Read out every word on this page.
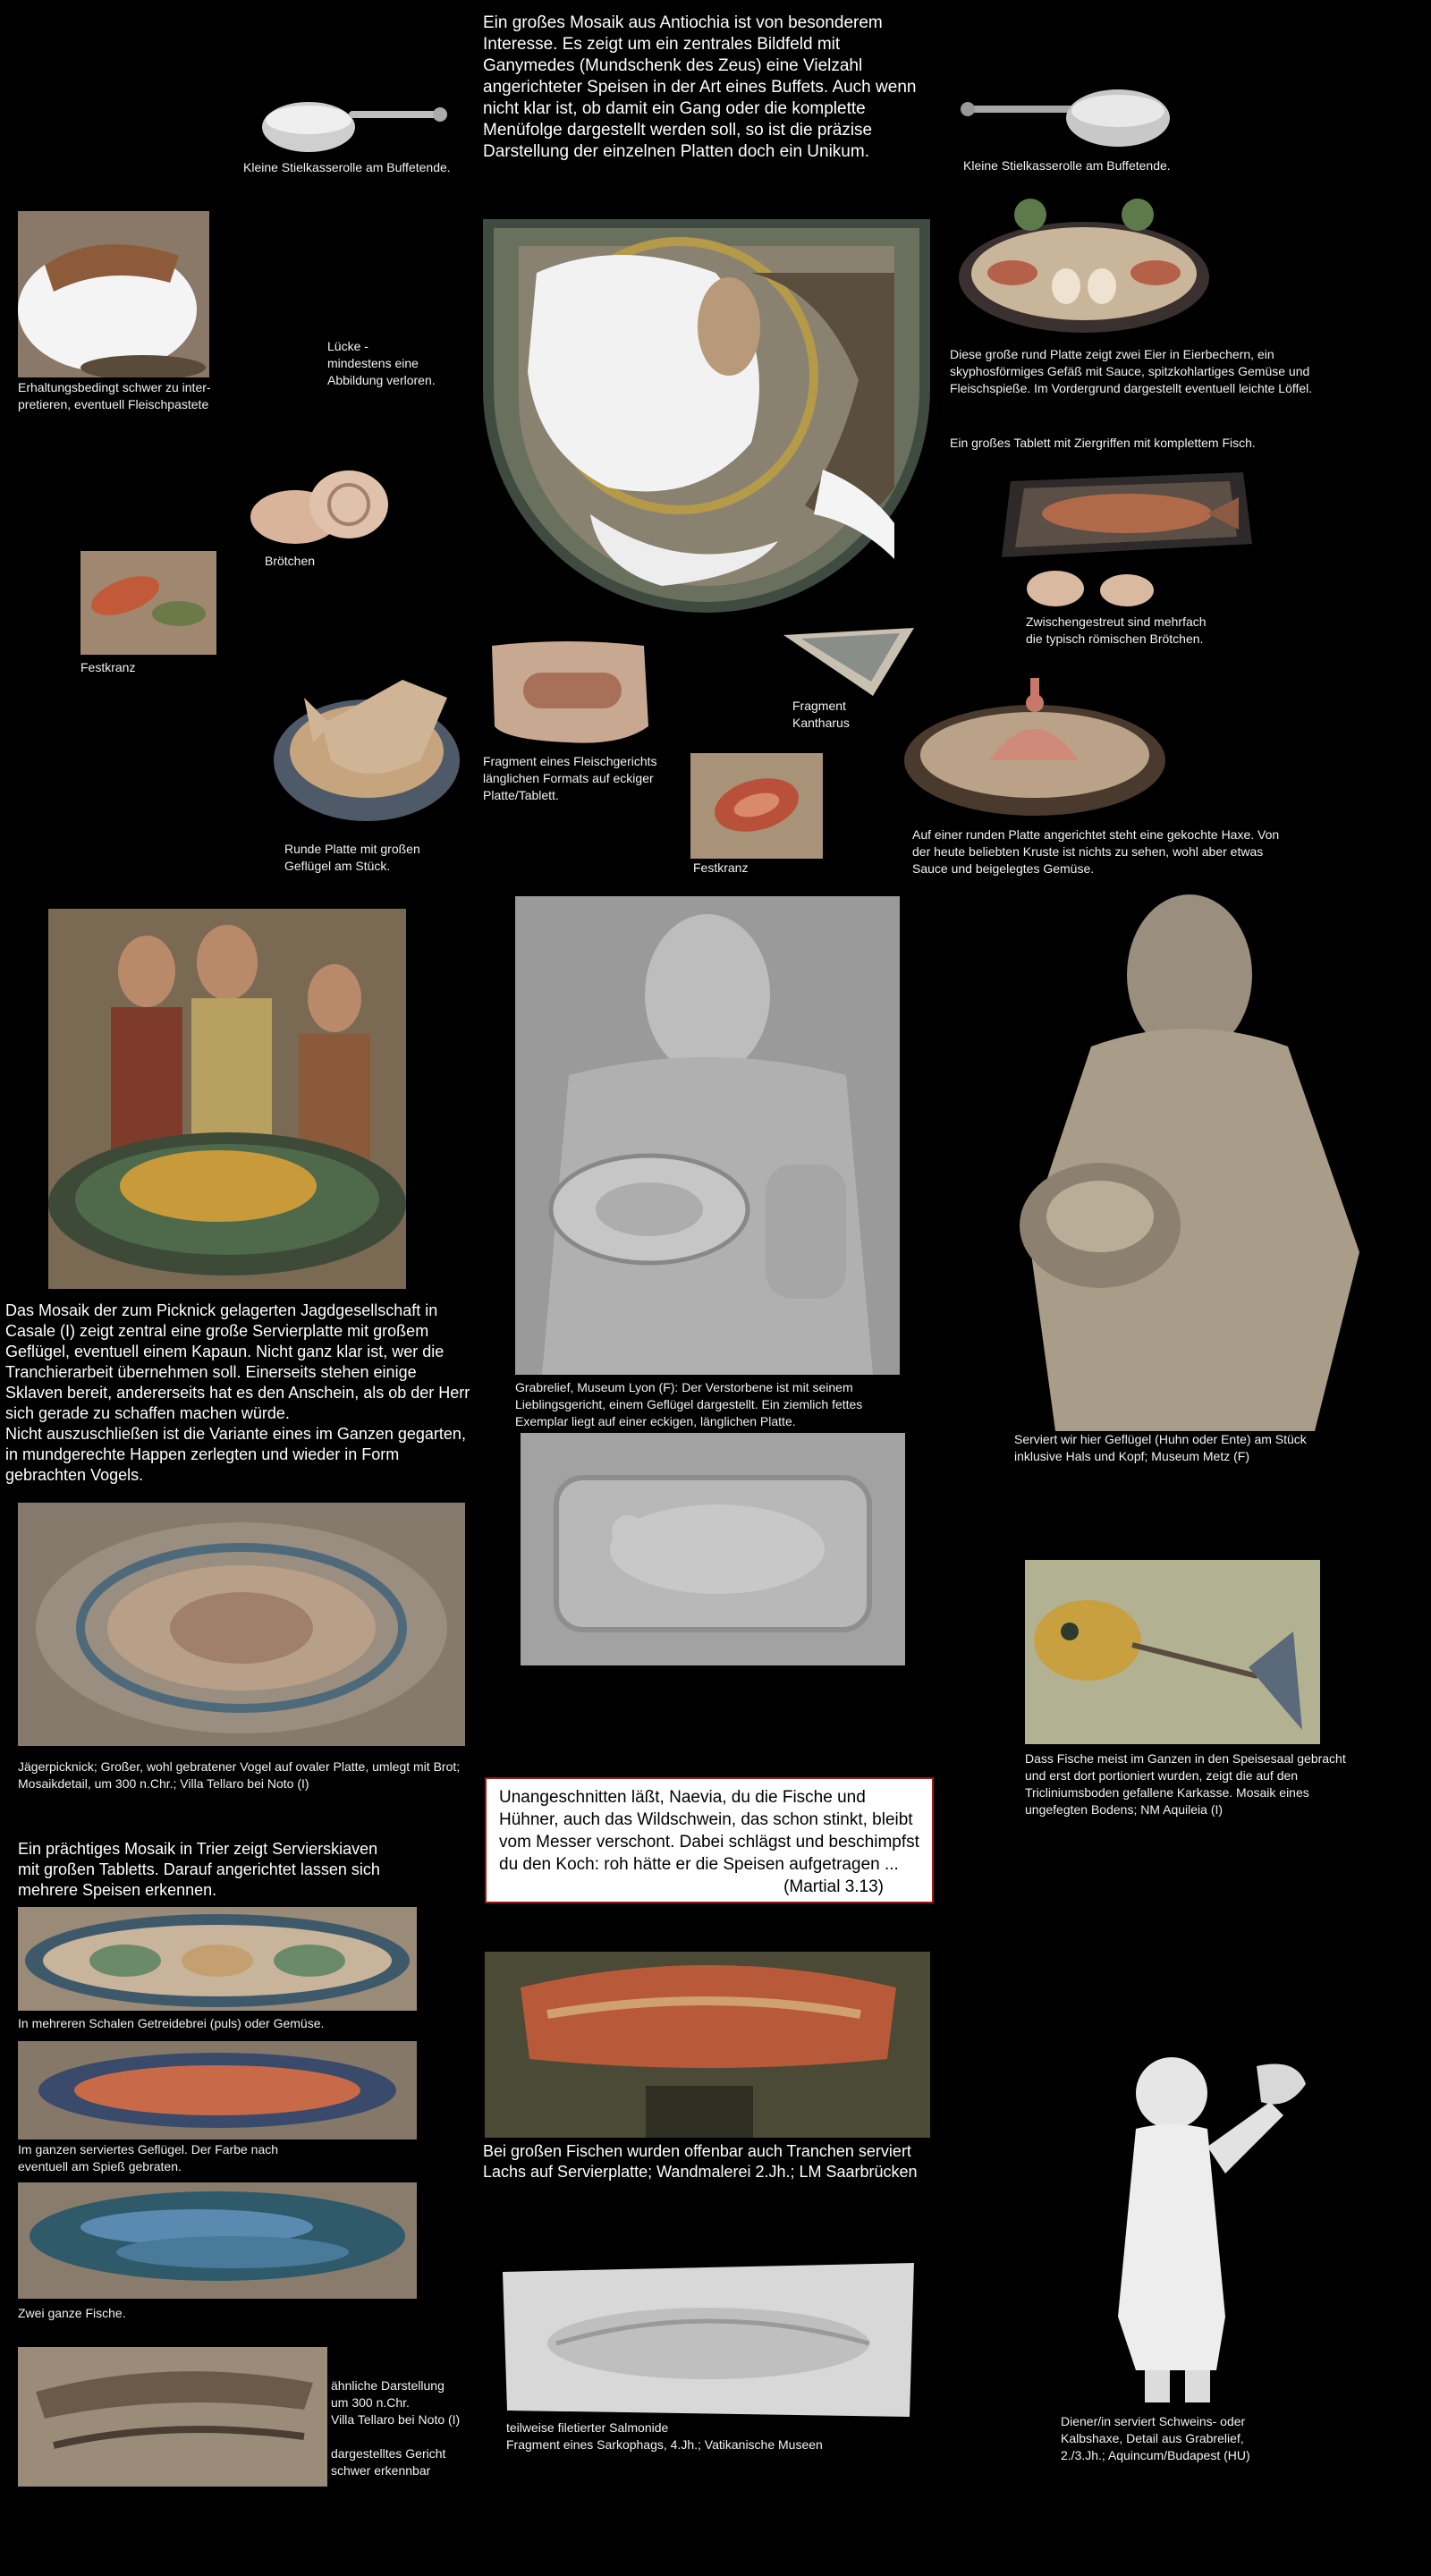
Ein großes Mosaik aus Antiochia ist von besonderem Interesse. Es zeigt um ein zentrales Bildfeld mit Ganymedes (Mundschenk des Zeus) eine Vielzahl angerichteter Speisen in der Art eines Buffets. Auch wenn nicht klar ist, ob damit ein Gang oder die komplette Menüfolge dargestellt werden soll, so ist die präzise Darstellung der einzelnen Platten doch ein Unikum.
Kleine Stielkasserolle am Buffetende.	Kleine Stielkasserolle am Buffetende.
Erhaltungsbedingt schwer zu inter-
pretieren, eventuell Fleischpastete
Lücke -
mindestens eine
Abbildung verloren.
Diese große rund Platte zeigt zwei Eier in Eierbechern, ein skyphosförmiges Gefäß mit Sauce, spitzkohlartiges Gemüse und Fleischspieße. Im Vordergrund dargestellt eventuell leichte Löffel.
Ein großes Tablett mit Ziergriffen mit komplettem Fisch.
Zwischengestreut sind mehrfach
die typisch römischen Brötchen.
Brötchen
Festkranz
Fragment eines Fleischgerichts
länglichen Formats auf eckiger
Platte/Tablett.
Fragment
Kantharus
Festkranz
Auf einer runden Platte angerichtet steht eine gekochte Haxe. Von der heute beliebten Kruste ist nichts zu sehen, wohl aber etwas Sauce und beigelegtes Gemüse.
Runde Platte mit großen
Geflügel am Stück.
Das Mosaik der zum Picknick gelagerten Jagdgesellschaft in Casale (I) zeigt zentral eine große Servierplatte mit großem Geflügel, eventuell einem Kapaun. Nicht ganz klar ist, wer die Tranchierarbeit übernehmen soll. Einerseits stehen einige Sklaven bereit, andererseits hat es den Anschein, als ob der Herr sich gerade zu schaffen machen würde.
Nicht auszuschließen ist die Variante eines im Ganzen gegarten, in mundgerechte Happen zerlegten und wieder in Form gebrachten Vogels.
Grabrelief, Museum Lyon (F): Der Verstorbene ist mit seinem Lieblingsgericht, einem Geflügel dargestellt. Ein ziemlich fettes Exemplar liegt auf einer eckigen, länglichen Platte.
Serviert wir hier Geflügel (Huhn oder Ente) am Stück
inklusive Hals und Kopf; Museum Metz (F)
Jägerpicknick; Großer, wohl gebratener Vogel auf ovaler Platte, umlegt mit Brot; Mosaikdetail, um 300 n.Chr.; Villa Tellaro bei Noto (I)
Unangeschnitten läßt, Naevia, du die Fische und Hühner, auch das Wildschwein, das schon stinkt, bleibt vom Messer verschont. Dabei schlägst und beschimpfst du den Koch: roh hätte er die Speisen aufgetragen ...
(Martial 3.13)
Dass Fische meist im Ganzen in den Speisesaal gebracht und erst dort portioniert wurden, zeigt die auf den Tricliniumsboden gefallene Karkasse. Mosaik eines ungefegten Bodens; NM Aquileia (I)
Ein prächtiges Mosaik in Trier zeigt Servierskiaven
mit großen Tabletts. Darauf angerichtet lassen sich
mehrere Speisen erkennen.
In mehreren Schalen Getreidebrei (puls) oder Gemüse.
Im ganzen serviertes Geflügel. Der Farbe nach
eventuell am Spieß gebraten.
Zwei ganze Fische.
ähnliche Darstellung
um 300 n.Chr.
Villa Tellaro bei Noto (I)

dargestelltes Gericht
schwer erkennbar
Bei großen Fischen wurden offenbar auch Tranchen serviert
Lachs auf Servierplatte; Wandmalerei 2.Jh.; LM Saarbrücken
teilweise filetierter Salmonide
Fragment eines Sarkophags, 4.Jh.; Vatikanische Museen
Diener/in serviert Schweins- oder
Kalbshaxe, Detail aus Grabrelief,
2./3.Jh.; Aquincum/Budapest (HU)
